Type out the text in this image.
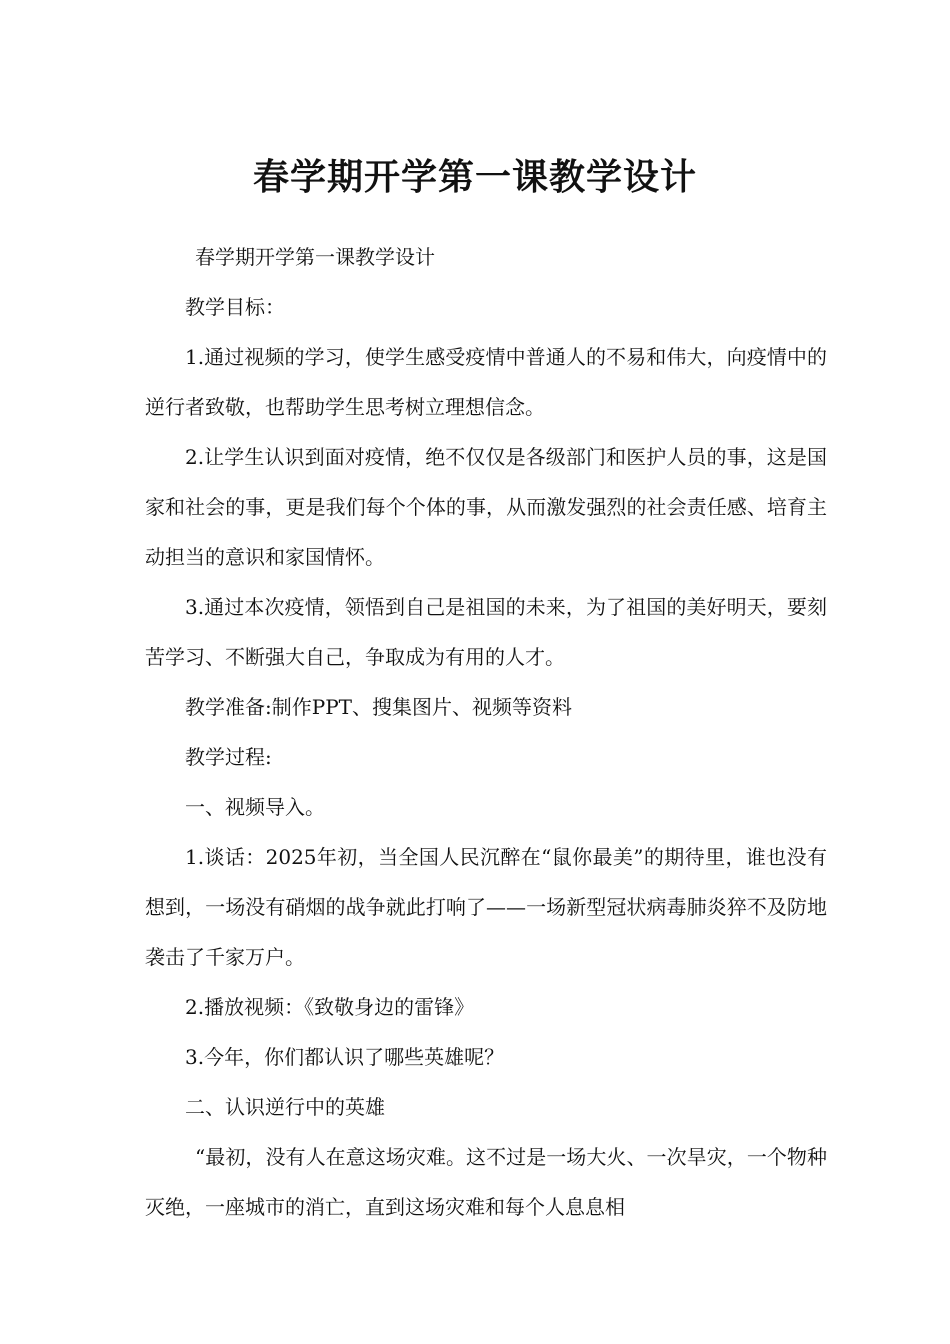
春学期开学第一课教学设计

春学期开学第一课教学设计

教学目标：

1.通过视频的学习，使学生感受疫情中普通人的不易和伟大，向疫情中的逆行者致敬，也帮助学生思考树立理想信念。

2.让学生认识到面对疫情，绝不仅仅是各级部门和医护人员的事，这是国家和社会的事，更是我们每个个体的事，从而激发强烈的社会责任感、培育主动担当的意识和家国情怀。

3.通过本次疫情，领悟到自己是祖国的未来，为了祖国的美好明天，要刻苦学习、不断强大自己，争取成为有用的人才。

教学准备:制作PPT、搜集图片、视频等资料

教学过程:

一、视频导入。

1.谈话：2025年初，当全国人民沉醉在“鼠你最美”的期待里，谁也没有想到，一场没有硝烟的战争就此打响了——一场新型冠状病毒肺炎猝不及防地袭击了千家万户。

2.播放视频：《致敬身边的雷锋》

3.今年，你们都认识了哪些英雄呢？

二、认识逆行中的英雄

“最初，没有人在意这场灾难。这不过是一场大火、一次旱灾，一个物种灭绝，一座城市的消亡，直到这场灾难和每个人息息相
